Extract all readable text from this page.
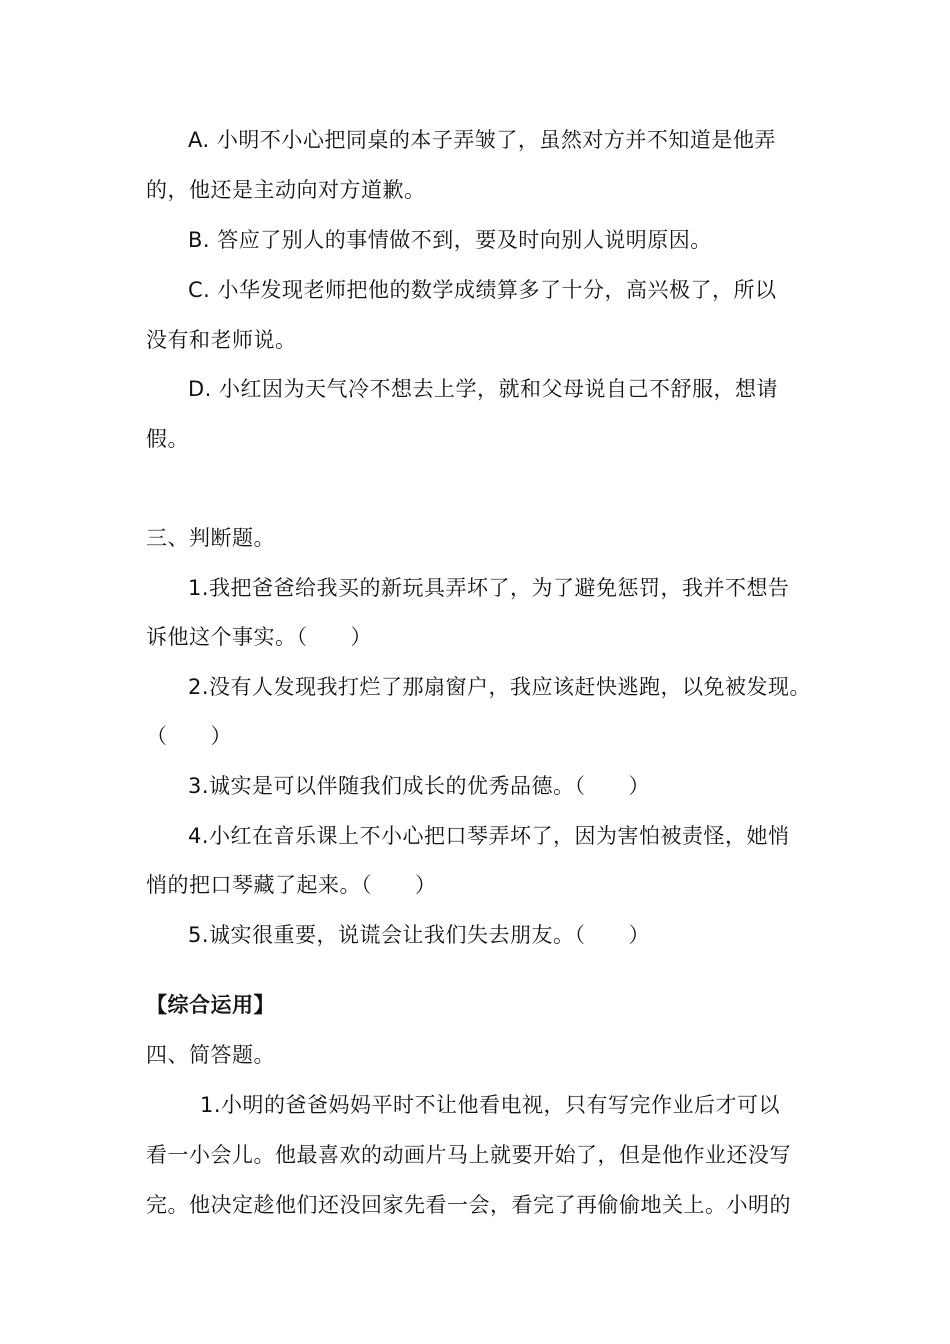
A. 小明不小心把同桌的本子弄皱了，虽然对方并不知道是他弄
的，他还是主动向对方道歉。
B. 答应了别人的事情做不到，要及时向别人说明原因。
C. 小华发现老师把他的数学成绩算多了十分，高兴极了，所以
没有和老师说。
D. 小红因为天气冷不想去上学，就和父母说自己不舒服，想请
假。
三、判断题。
1.我把爸爸给我买的新玩具弄坏了，为了避免惩罚，我并不想告
诉他这个事实。（　　）
2.没有人发现我打烂了那扇窗户，我应该赶快逃跑，以免被发现。
（　　）
3.诚实是可以伴随我们成长的优秀品德。（　　）
4.小红在音乐课上不小心把口琴弄坏了，因为害怕被责怪，她悄
悄的把口琴藏了起来。（　　）
5.诚实很重要，说谎会让我们失去朋友。（　　）
【综合运用】
四、简答题。
1.小明的爸爸妈妈平时不让他看电视，只有写完作业后才可以
看一小会儿。他最喜欢的动画片马上就要开始了，但是他作业还没写
完。他决定趁他们还没回家先看一会，看完了再偷偷地关上。小明的
